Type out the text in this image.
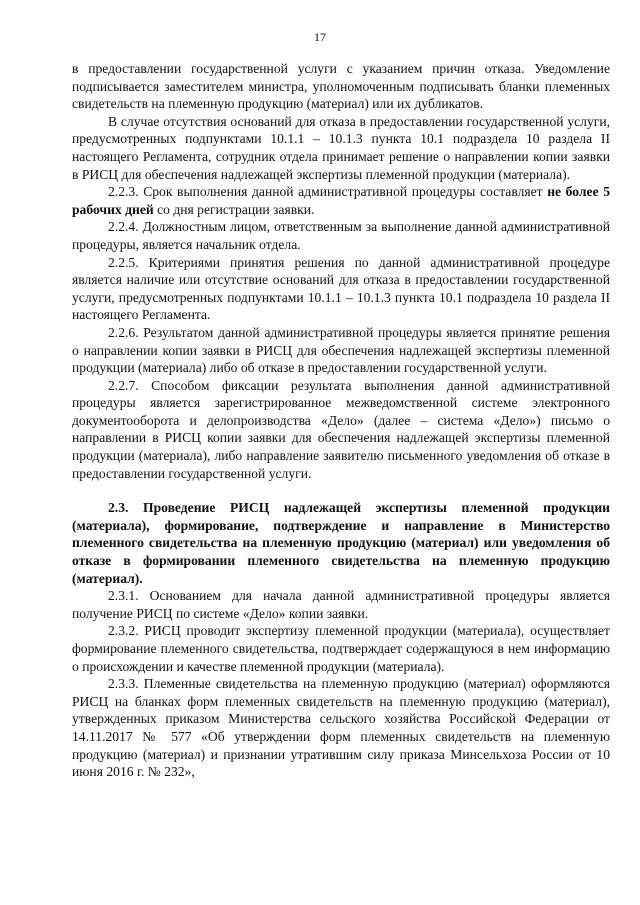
17

в предоставлении государственной услуги с указанием причин отказа. Уведомление подписывается заместителем министра, уполномоченным подписывать бланки племенных свидетельств на племенную продукцию (материал) или их дубликатов.

В случае отсутствия оснований для отказа в предоставлении государственной услуги, предусмотренных подпунктами 10.1.1 – 10.1.3 пункта 10.1 подраздела 10 раздела II настоящего Регламента, сотрудник отдела принимает решение о направлении копии заявки в РИСЦ для обеспечения надлежащей экспертизы племенной продукции (материала).

2.2.3. Срок выполнения данной административной процедуры составляет не более 5 рабочих дней со дня регистрации заявки.

2.2.4. Должностным лицом, ответственным за выполнение данной административной процедуры, является начальник отдела.

2.2.5. Критериями принятия решения по данной административной процедуре является наличие или отсутствие оснований для отказа в предоставлении государственной услуги, предусмотренных подпунктами 10.1.1 – 10.1.3 пункта 10.1 подраздела 10 раздела II настоящего Регламента.

2.2.6. Результатом данной административной процедуры является принятие решения о направлении копии заявки в РИСЦ для обеспечения надлежащей экспертизы племенной продукции (материала) либо об отказе в предоставлении государственной услуги.

2.2.7. Способом фиксации результата выполнения данной административной процедуры является зарегистрированное межведомственной системе электронного документооборота и делопроизводства «Дело» (далее – система «Дело») письмо о направлении в РИСЦ копии заявки для обеспечения надлежащей экспертизы племенной продукции (материала), либо направление заявителю письменного уведомления об отказе в предоставлении государственной услуги.

2.3. Проведение РИСЦ надлежащей экспертизы племенной продукции (материала), формирование, подтверждение и направление в Министерство племенного свидетельства на племенную продукцию (материал) или уведомления об отказе в формировании племенного свидетельства на племенную продукцию (материал).

2.3.1. Основанием для начала данной административной процедуры является получение РИСЦ по системе «Дело» копии заявки.

2.3.2. РИСЦ проводит экспертизу племенной продукции (материала), осуществляет формирование племенного свидетельства, подтверждает содержащуюся в нем информацию о происхождении и качестве племенной продукции (материала).

2.3.3. Племенные свидетельства на племенную продукцию (материал) оформляются РИСЦ на бланках форм племенных свидетельств на племенную продукцию (материал), утвержденных приказом Министерства сельского хозяйства Российской Федерации от 14.11.2017 № 577 «Об утверждении форм племенных свидетельств на племенную продукцию (материал) и признании утратившим силу приказа Минсельхоза России от 10 июня 2016 г. № 232»,
